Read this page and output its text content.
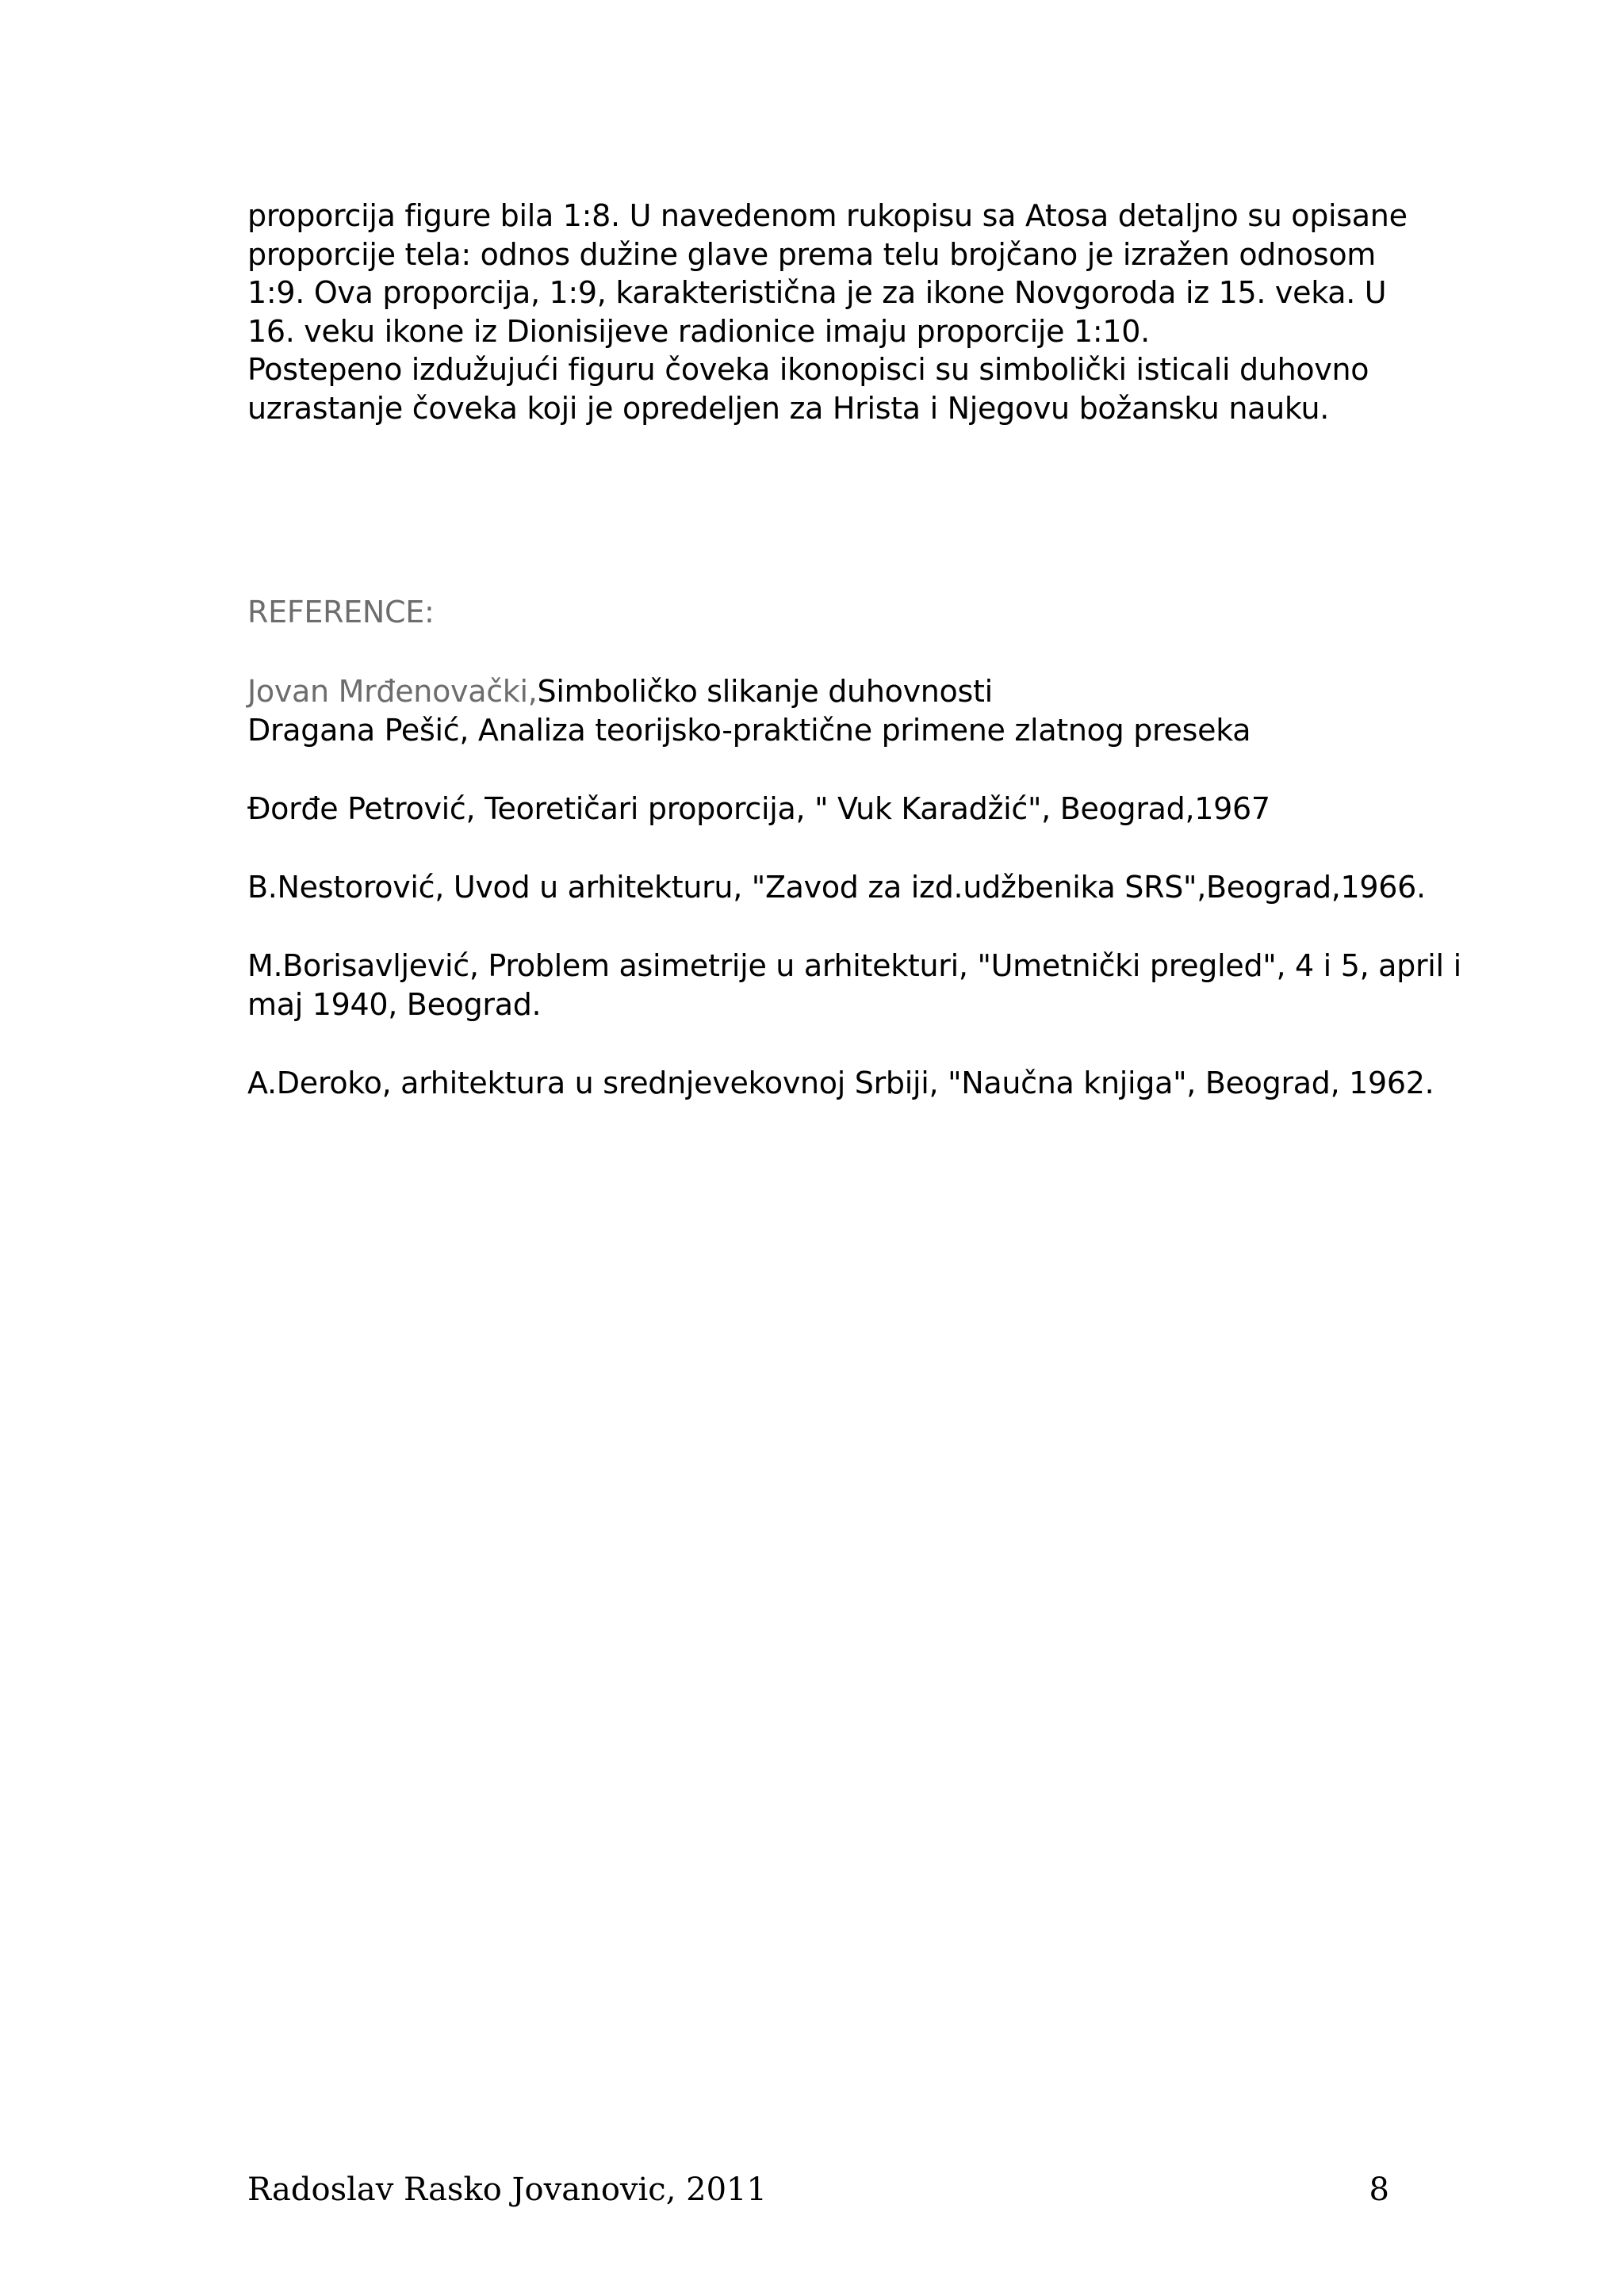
proporcija figure bila 1:8. U navedenom rukopisu sa Atosa detaljno su opisane
proporcije tela: odnos dužine glave prema telu brojčano je izražen odnosom
1:9. Ova proporcija, 1:9, karakteristična je za ikone Novgoroda iz 15. veka. U
16. veku ikone iz Dionisijeve radionice imaju proporcije 1:10.
Postepeno izdužujući figuru čoveka ikonopisci su simbolički isticali duhovno
uzrastanje čoveka koji je opredeljen za Hrista i Njegovu božansku nauku.
REFERENCE:
Jovan Mrđenovački,Simboličko slikanje duhovnosti
Dragana Pešić, Analiza teorijsko-praktične primene zlatnog preseka
Đorđe Petrović, Teoretičari proporcija, " Vuk Karadžić", Beograd,1967
B.Nestorović, Uvod u arhitekturu, "Zavod za izd.udžbenika SRS",Beograd,1966.
M.Borisavljević, Problem asimetrije u arhitekturi, "Umetnički pregled", 4 i 5, april i
maj 1940, Beograd.
A.Deroko, arhitektura u srednjevekovnoj Srbiji, "Naučna knjiga", Beograd, 1962.
Radoslav Rasko Jovanovic, 2011	8
